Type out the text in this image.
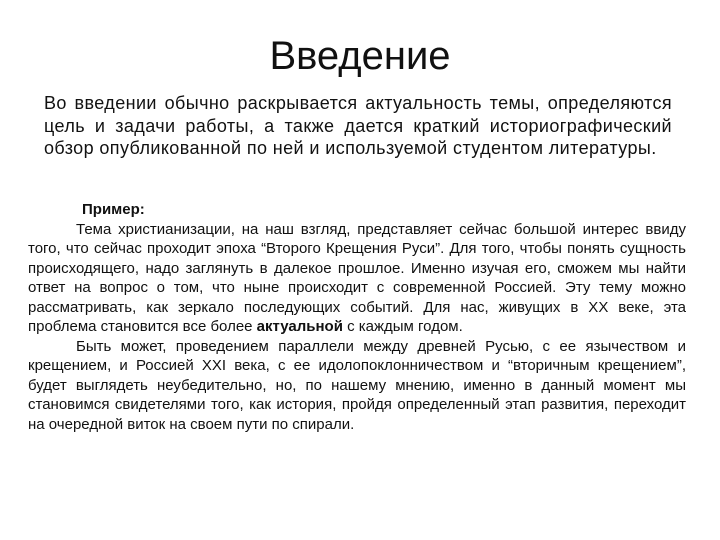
Введение
Во введении обычно раскрывается актуальность темы, определяются цель и задачи работы, а также дается краткий историографический обзор опубликованной по ней и используемой студентом литературы.
Пример:

Тема христианизации, на наш взгляд, представляет сейчас большой интерес ввиду того, что сейчас проходит эпоха “Второго Крещения Руси”. Для того, чтобы понять сущность происходящего, надо заглянуть в далекое прошлое. Именно изучая его, сможем мы найти ответ на вопрос о том, что ныне происходит с современной Россией. Эту тему можно рассматривать, как зеркало последующих событий. Для нас, живущих в XX веке, эта проблема становится все более актуальной с каждым годом.

Быть может, проведением параллели между древней Русью, с ее язычеством и крещением, и Россией XXI века, с ее идолопоклонничеством и “вторичным крещением”, будет выглядеть неубедительно, но, по нашему мнению, именно в данный момент мы становимся свидетелями того, как история, пройдя определенный этап развития, переходит на очередной виток на своем пути по спирали.
